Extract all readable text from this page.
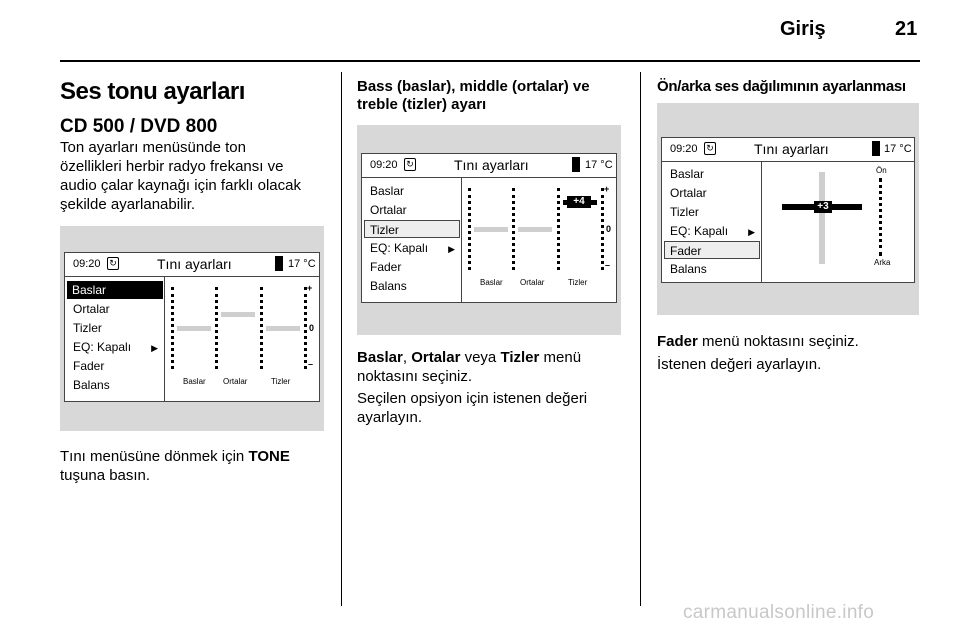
Giriş	21
Ses tonu ayarları
CD 500 / DVD 800
Ton ayarları menüsünde ton
özellikleri herbir radyo frekansı ve
audio çalar kaynağı için farklı olacak
şekilde ayarlanabilir.
09:20 ↻	Tını ayarları	17 °C
Baslar
Ortalar
Tizler
EQ: Kapalı	▶
Fader
Balans
+
0
–
Baslar Ortalar	Tizler
Tını menüsüne dönmek için TONE
tuşuna basın.
Bass (baslar), middle (ortalar) ve
treble (tizler) ayarı
09:20 ↻	Tını ayarları	17 °C
Baslar
Ortalar
Tizler
EQ: Kapalı	▶
Fader
Balans
+4
+
0
–
Baslar Ortalar	Tizler
Baslar, Ortalar veya Tizler menü
noktasını seçiniz.
Seçilen opsiyon için istenen değeri
ayarlayın.
Ön/arka ses dağılımının ayarlanması
09:20 ↻	Tını ayarları	17 °C
Baslar
Ortalar
Tizler
EQ: Kapalı	▶
Fader
Balans
+3
Ön
Arka
Fader menü noktasını seçiniz.
İstenen değeri ayarlayın.
carmanualsonline.info
